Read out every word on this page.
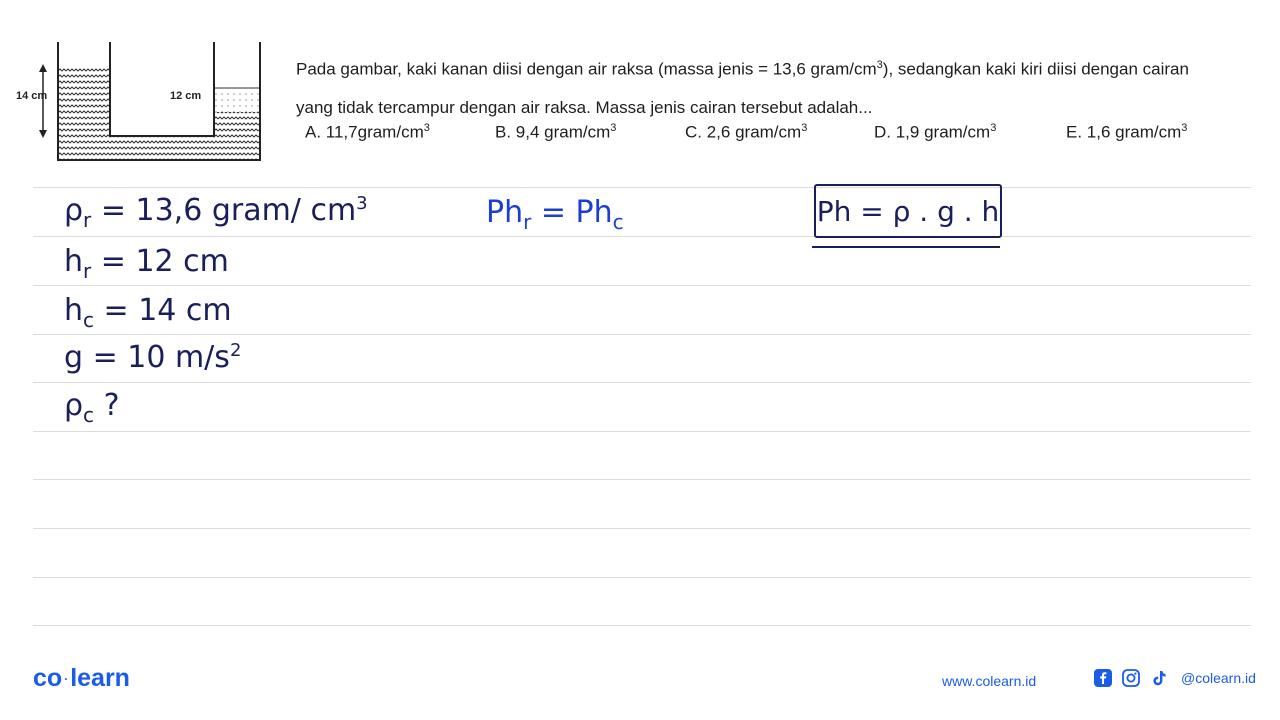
14 cm	12 cm
Pada gambar, kaki kanan diisi dengan air raksa (massa jenis = 13,6 gram/$cm^3$), sedangkan kaki kiri diisi dengan cairan yang tidak tercampur dengan air raksa. Massa jenis cairan tersebut adalah...
A. $11,7gram/cm^3$	B. 9,4 gram/$cm^3$	C. 2,6 gram/$cm^3$	D. 1,9 gram/$cm^3$	E. 1,6 gram/$cm^3$
$\rho_r = 13,6$ gram/ $cm^3$
$h_r = 12$ cm
$h_c = 14$ cm
g = 10 $m/s^2$
$\rho_c$ ?
$Ph_r = Ph_c$	Ph = ρ . g . h
co ·learn	www.colearn.id	@colearn.id
